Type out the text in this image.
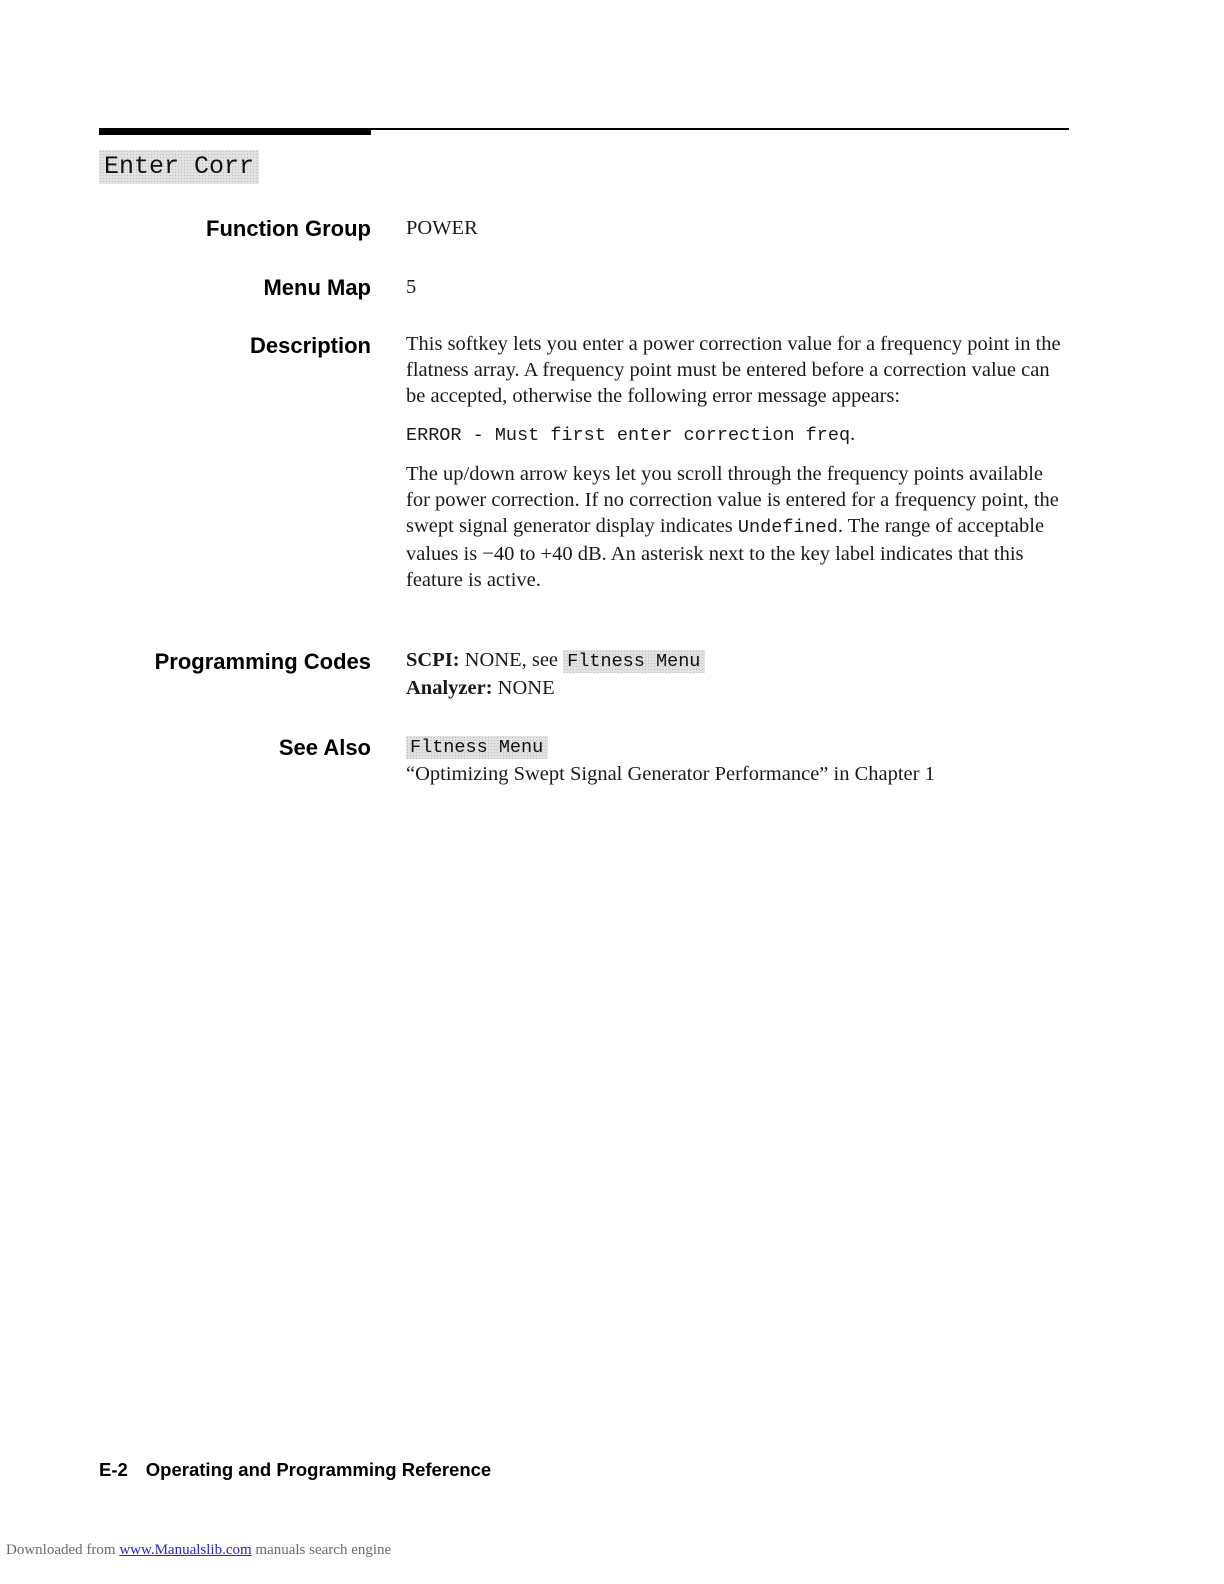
Enter Corr
Function Group POWER
Menu Map 5
Description This softkey lets you enter a power correction value for a frequency point in the flatness array. A frequency point must be entered before a correction value can be accepted, otherwise the following error message appears:

ERROR - Must first enter correction freq.

The up/down arrow keys let you scroll through the frequency points available for power correction. If no correction value is entered for a frequency point, the swept signal generator display indicates Undefined. The range of acceptable values is −40 to +40 dB. An asterisk next to the key label indicates that this feature is active.

Programming Codes SCPI: NONE, see Fltness Menu

Analyzer: NONE

See Also Fltness Menu

“Optimizing Swept Signal Generator Performance” in Chapter 1

E-2 Operating and Programming Reference
Downloaded from www.Manualslib.com manuals search engine
